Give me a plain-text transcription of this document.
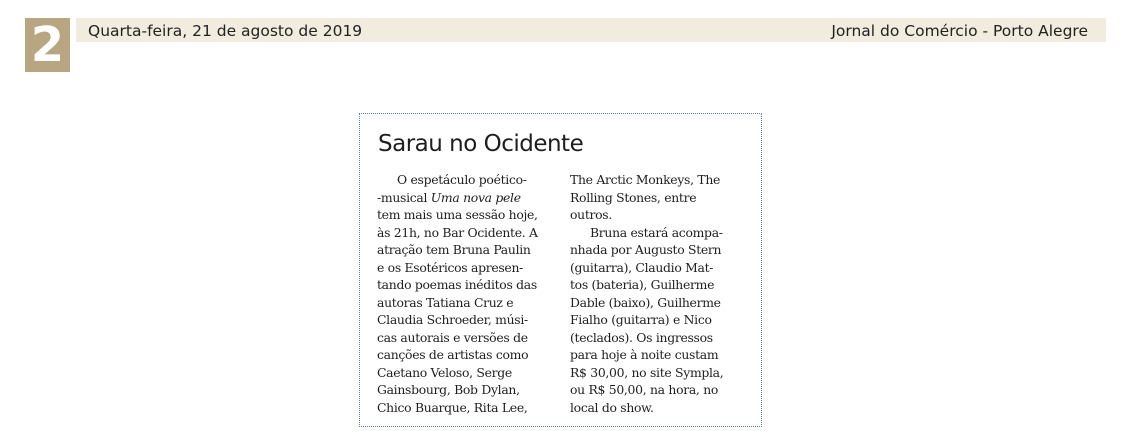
2	Quarta-feira, 21 de agosto de 2019	Jornal do Comércio - Porto Alegre
Sarau no Ocidente
O espetáculo poético-
-musical Uma nova pele
tem mais uma sessão hoje,
às 21h, no Bar Ocidente. A
atração tem Bruna Paulin
e os Esotéricos apresen-
tando poemas inéditos das
autoras Tatiana Cruz e
Claudia Schroeder, músi-
cas autorais e versões de
canções de artistas como
Caetano Veloso, Serge
Gainsbourg, Bob Dylan,
Chico Buarque, Rita Lee,
The Arctic Monkeys, The
Rolling Stones, entre
outros.
Bruna estará acompa-
nhada por Augusto Stern
(guitarra), Claudio Mat-
tos (bateria), Guilherme
Dable (baixo), Guilherme
Fialho (guitarra) e Nico
(teclados). Os ingressos
para hoje à noite custam
R$ 30,00, no site Sympla,
ou R$ 50,00, na hora, no
local do show.
